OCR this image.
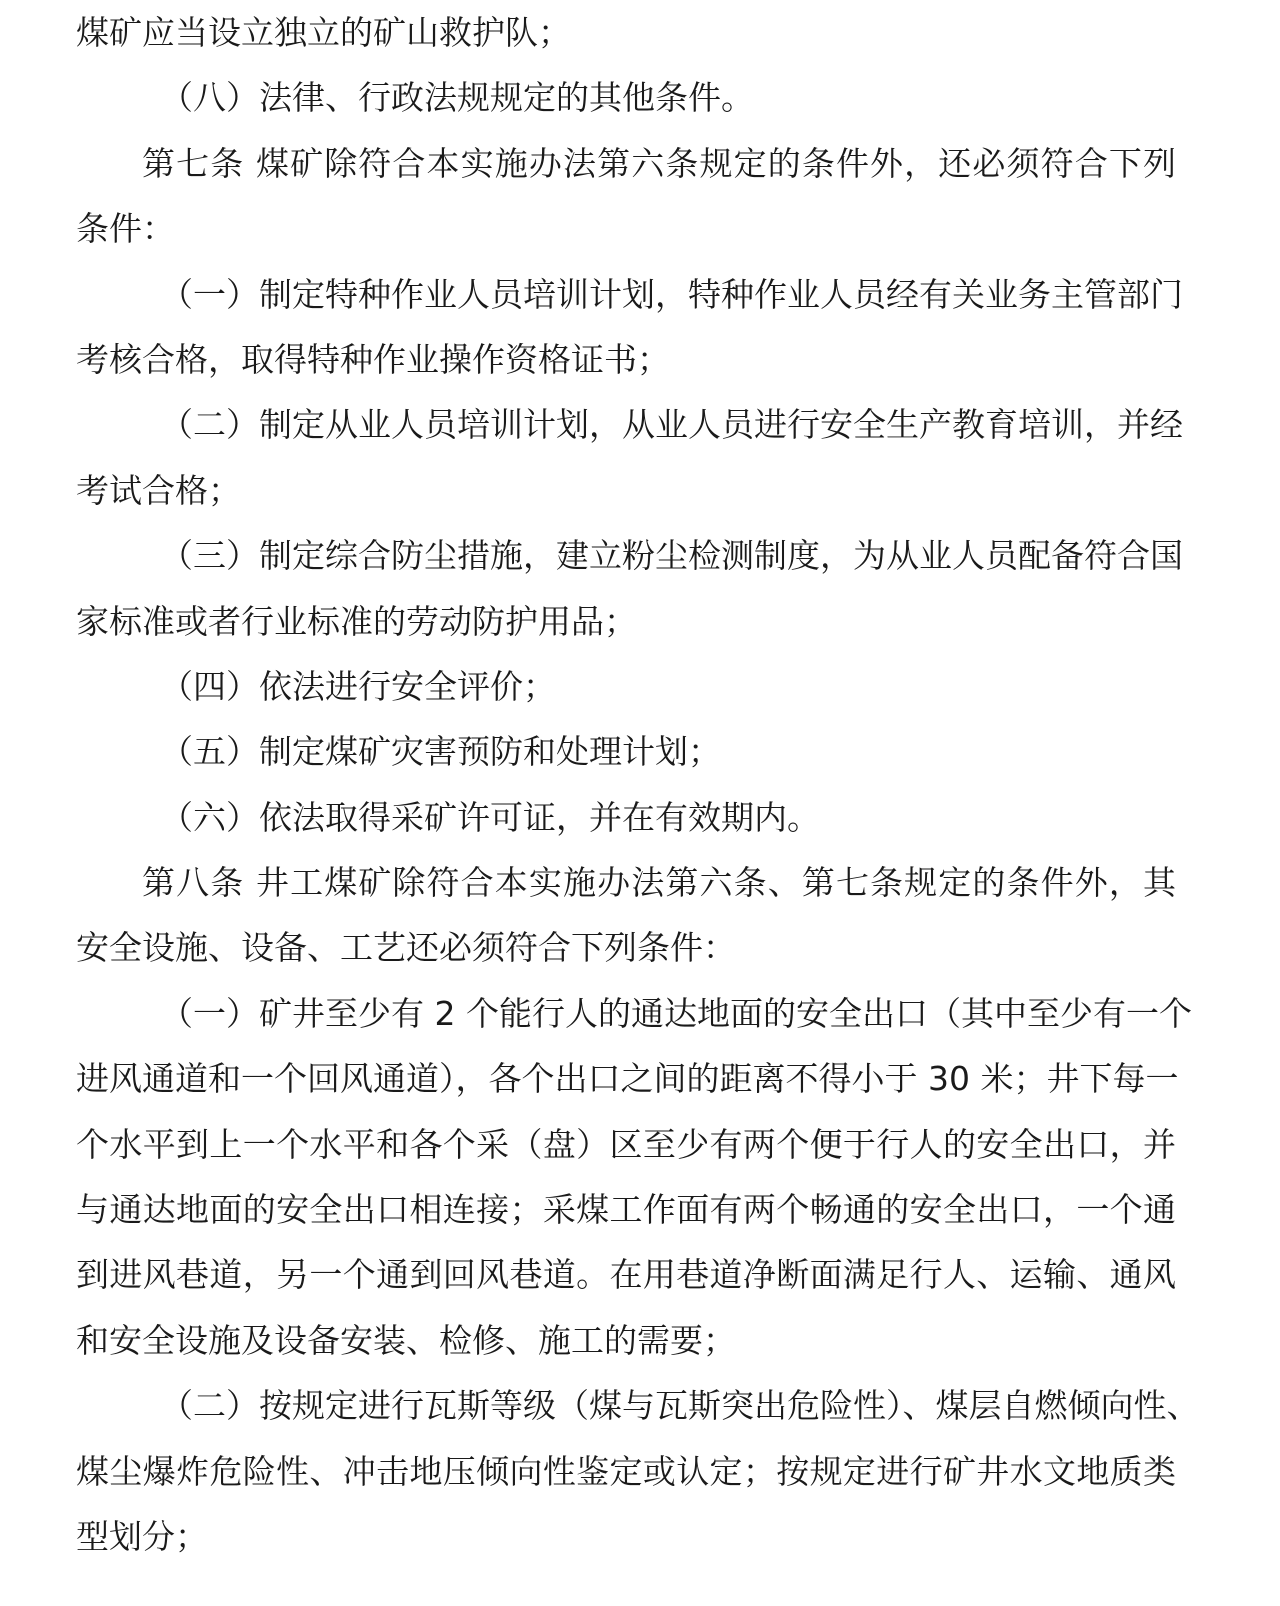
煤矿应当设立独立的矿山救护队；
（八）法律、行政法规规定的其他条件。
第七条 煤矿除符合本实施办法第六条规定的条件外，还必须符合下列
条件：
（一）制定特种作业人员培训计划，特种作业人员经有关业务主管部门
考核合格，取得特种作业操作资格证书；
（二）制定从业人员培训计划，从业人员进行安全生产教育培训，并经
考试合格；
（三）制定综合防尘措施，建立粉尘检测制度，为从业人员配备符合国
家标准或者行业标准的劳动防护用品；
（四）依法进行安全评价；
（五）制定煤矿灾害预防和处理计划；
（六）依法取得采矿许可证，并在有效期内。
第八条 井工煤矿除符合本实施办法第六条、第七条规定的条件外，其
安全设施、设备、工艺还必须符合下列条件：
（一）矿井至少有 2 个能行人的通达地面的安全出口（其中至少有一个
进风通道和一个回风通道），各个出口之间的距离不得小于 30 米；井下每一
个水平到上一个水平和各个采（盘）区至少有两个便于行人的安全出口，并
与通达地面的安全出口相连接；采煤工作面有两个畅通的安全出口，一个通
到进风巷道，另一个通到回风巷道。在用巷道净断面满足行人、运输、通风
和安全设施及设备安装、检修、施工的需要；
（二）按规定进行瓦斯等级（煤与瓦斯突出危险性）、煤层自燃倾向性、
煤尘爆炸危险性、冲击地压倾向性鉴定或认定；按规定进行矿井水文地质类
型划分；
